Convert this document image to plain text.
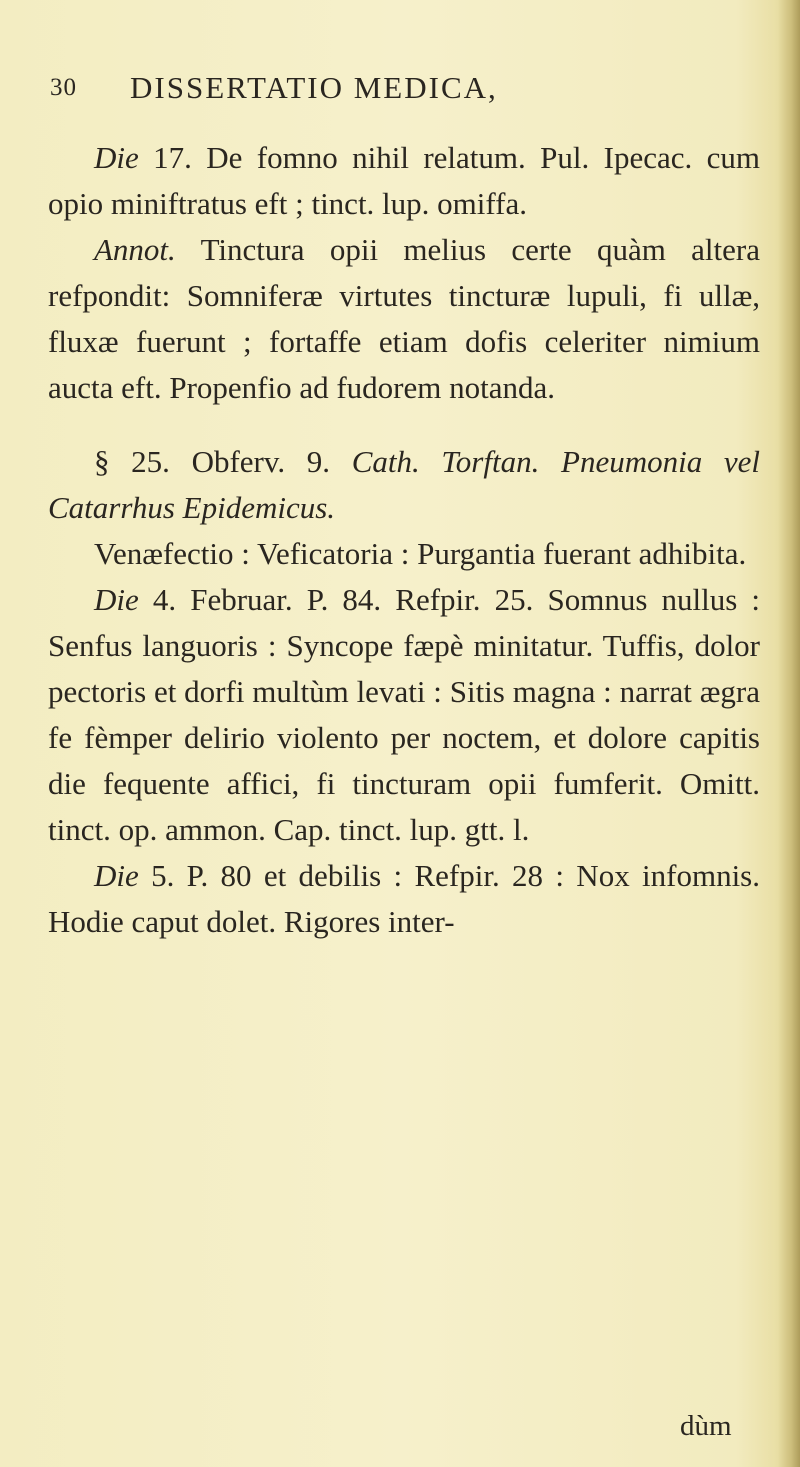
30 DISSERTATIO MEDICA,

Die 17. De fomno nihil relatum. Pul. Ipecac. cum opio miniftratus eft ; tinct. lup. omiffa.

Annot. Tinctura opii melius certe quàm altera refpondit: Somniferæ virtutes tincturæ lupuli, fi ullæ, fluxæ fuerunt ; fortaffe etiam dofis celeriter nimium aucta eft. Propenfio ad fudorem notanda.

§ 25. Obferv. 9. Cath. Torftan. Pneumonia vel Catarrhus Epidemicus.

Venæfectio : Veficatoria : Purgantia fuerant adhibita.

Die 4. Februar. P. 84. Refpir. 25. Somnus nullus : Senfus languoris : Syncope fæpè minitatur. Tuffis, dolor pectoris et dorfi multùm levati : Sitis magna : narrat ægra fe fèmper delirio violento per noctem, et dolore capitis die fequente affici, fi tincturam opii fumferit. Omitt. tinct. op. ammon. Cap. tinct. lup. gtt. l.

Die 5. P. 80 et debilis : Refpir. 28 : Nox infomnis. Hodie caput dolet. Rigores inter-

dùm
